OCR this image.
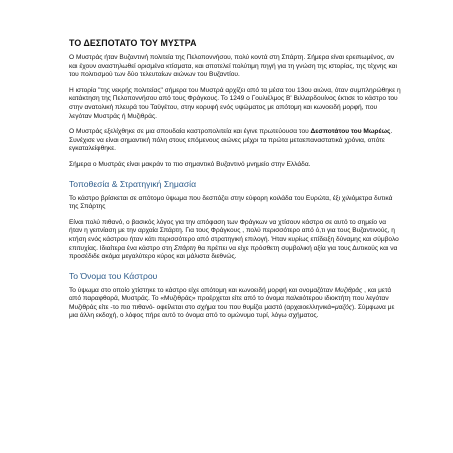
ΤΟ ΔΕΣΠΟΤΑΤΟ ΤΟΥ ΜΥΣΤΡΑ

Ο Μυστράς ήταν Βυζαντινή πολιτεία της Πελοποννήσου, πολύ κοντά στη Σπάρτη. Σήμερα είναι ερειπωμένος, αν και έχουν αναστηλωθεί ορισμένα κτίσματα, και αποτελεί πολύτιμη πηγή για τη γνώση της ιστορίας, της τέχνης και του πολιτισμού των δύο τελευταίων αιώνων του Βυζαντίου.

Η ιστορία "της νεκρής πολιτείας" σήμερα του Μυστρά αρχίζει από τα μέσα του 13ου αιώνα, όταν συμπληρώθηκε η κατάκτηση της Πελοποννήσου από τους Φράγκους. Το 1249 ο Γουλιέλμος Β' Βιλλαρδουίνος έκτισε το κάστρο του στην ανατολική πλευρά του Ταϋγέτου, στην κορυφή ενός υψώματος με απότομη και κωνοειδή μορφή, που λεγόταν Μυστράς ή Μυζιθράς.

Ο Μυστράς εξελίχθηκε σε μια σπουδαία καστροπολιτεία και έγινε πρωτεύουσα του Δεσποτάτου του Μωρέως. Συνέχισε να είναι σημαντική πόλη στους επόμενους αιώνες μέχρι τα πρώτα μεταεπαναστατικά χρόνια, οπότε εγκαταλείφθηκε.

Σήμερα ο Μυστράς είναι μακράν το πιο σημαντικό Βυζαντινό μνημείο στην Ελλάδα.

Τοποθεσία & Στρατηγική Σημασία

Το κάστρο βρίσκεται σε απότομο ύψωμα που δεσπόζει στην εύφορη κοιλάδα του Ευρώτα, έξι χιλιόμετρα δυτικά της Σπάρτης

Είναι πολύ πιθανό, ο βασικός λόγος για την απόφαση των Φράγκων να χτίσουν κάστρο σε αυτό το σημείο να ήταν η γειτνίαση με την αρχαία Σπάρτη. Για τους Φράγκους , πολύ περισσότερο από ό,τι για τους Βυζαντινούς, η κτήση ενός κάστρου ήταν κάτι περισσότερο από στρατηγική επιλογή. Ήταν κυρίως επίδειξη δύναμης και σύμβολο επιτυχίας. Ιδιαίτερα ένα κάστρο στη Σπάρτη θα πρέπει να είχε πρόσθετη συμβολική αξία για τους Δυτικούς και να προσέδιδε ακόμα μεγαλύτερο κύρος και μάλιστα διεθνώς.

Το Όνομα του Κάστρου

Το ύψωμα στο οποίο χτίστηκε το κάστρο είχε απότομη και κωνοειδή μορφή και ονομαζόταν Μυζιθράς , και μετά από παραφθορά, Μυστράς. Το «Μυζιθράς» προέρχεται είτε από το όνομα παλαιότερου ιδιοκτήτη που λεγόταν Μυζιθράς είτε -το πιο πιθανό- οφείλεται στο σχήμα του που θυμίζει μαστό (αρχαιοελληνικά=μαζός). Σύμφωνα με μια άλλη εκδοχή, ο λόφος πήρε αυτό το όνομα από το ομώνυμο τυρί, λόγω σχήματος.
